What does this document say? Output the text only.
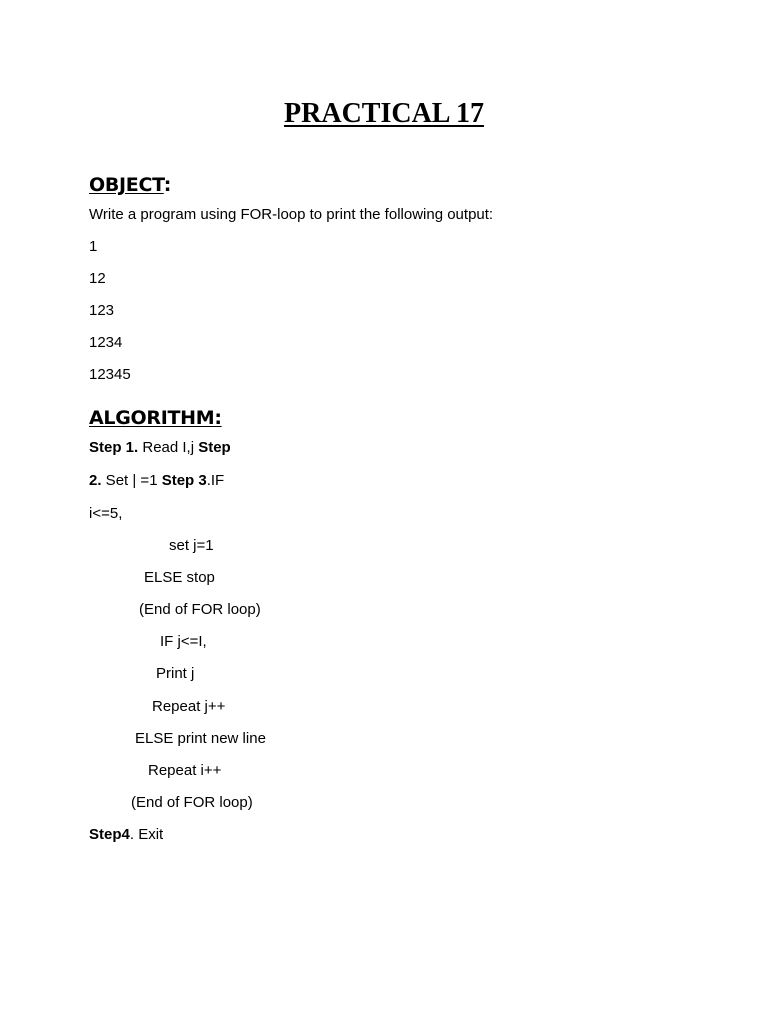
PRACTICAL 17
OBJECT:

Write a program using FOR-loop to print the following output:

1

12

123

1234

12345

ALGORITHM:

Step 1. Read I,j Step

2. Set | =1 Step 3.IF

i<=5,

set j=1

ELSE stop

(End of FOR loop)

IF j<=I,

Print j

Repeat j++

ELSE print new line

Repeat i++

(End of FOR loop)

Step4. Exit
